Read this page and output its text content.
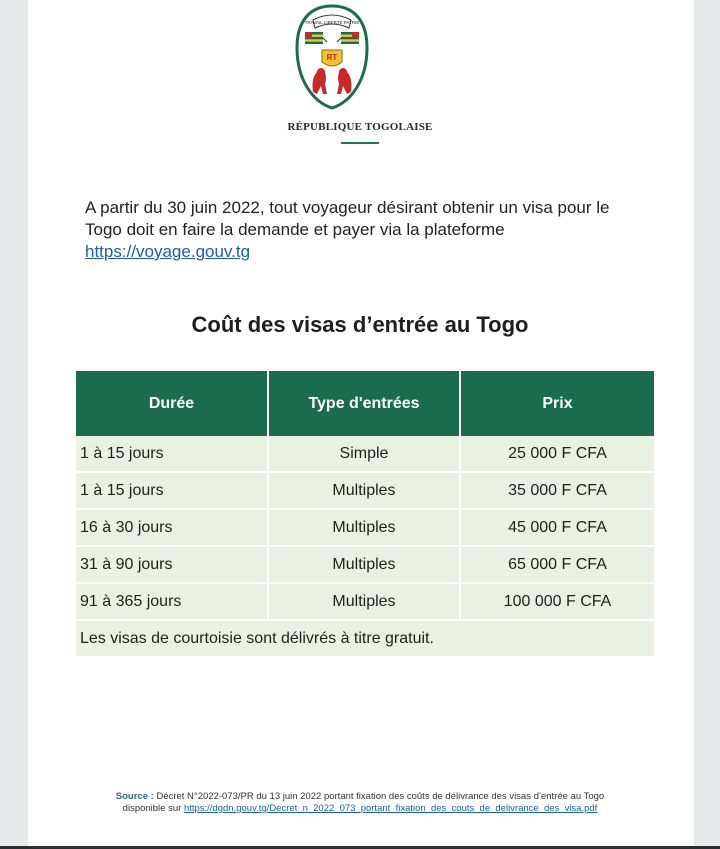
TRAVAIL LIBERTÉ PATRIE
RT
RÉPUBLIQUE TOGOLAISE
A partir du 30 juin 2022, tout voyageur désirant obtenir un visa pour le Togo doit en faire la demande et payer via la plateforme
https://voyage.gouv.tg
Coût des visas d’entrée au Togo
Durée	Type d'entrées	Prix
1 à 15 jours	Simple	25 000 F CFA
1 à 15 jours	Multiples	35 000 F CFA
16 à 30 jours	Multiples	45 000 F CFA
31 à 90 jours	Multiples	65 000 F CFA
91 à 365 jours	Multiples	100 000 F CFA
Les visas de courtoisie sont délivrés à titre gratuit.		
Source : Décret N°2022-073/PR du 13 juin 2022 portant fixation des coûts de délivrance des visas d’entrée au Togo
disponible sur https://dgdn.gouv.tg/Decret_n_2022_073_portant_fixation_des_couts_de_delivrance_des_visa.pdf
